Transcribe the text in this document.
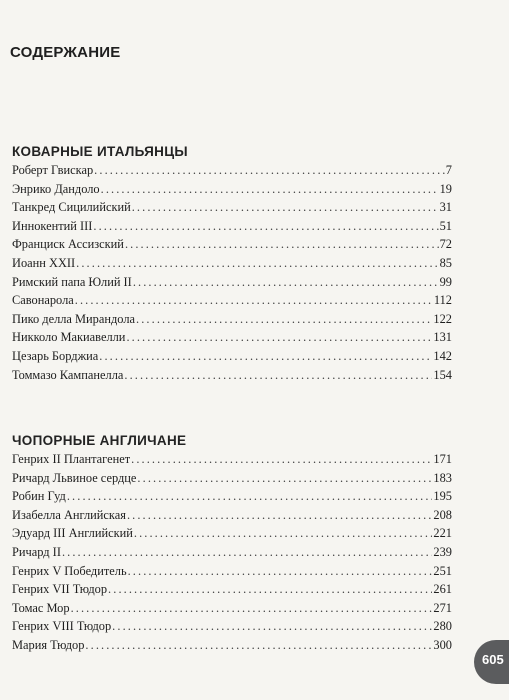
СОДЕРЖАНИЕ
КОВАРНЫЕ ИТАЛЬЯНЦЫ
Роберт Гвискар . . .	7
Энрико Дандоло . . .	19
Танкред Сицилийский . . .	31
Иннокентий III . . .	51
Франциск Ассизский . . .	72
Иоанн XXII . . .	85
Римский папа Юлий II . . .	99
Савонарола . . .	112
Пико делла Мирандола . . .	122
Никколо Макиавелли . . .	131
Цезарь Борджиа . . .	142
Томмазо Кампанелла . . .	154
ЧОПОРНЫЕ АНГЛИЧАНЕ
Генрих II Плантагенет . . .	171
Ричард Львиное сердце . . .	183
Робин Гуд . . .	195
Изабелла Английская . . .	208
Эдуард III Английский . . .	221
Ричард II . . .	239
Генрих V Победитель . . .	251
Генрих VII Тюдор . . .	261
Томас Мор . . .	271
Генрих VIII Тюдор . . .	280
Мария Тюдор . . .	300
605
